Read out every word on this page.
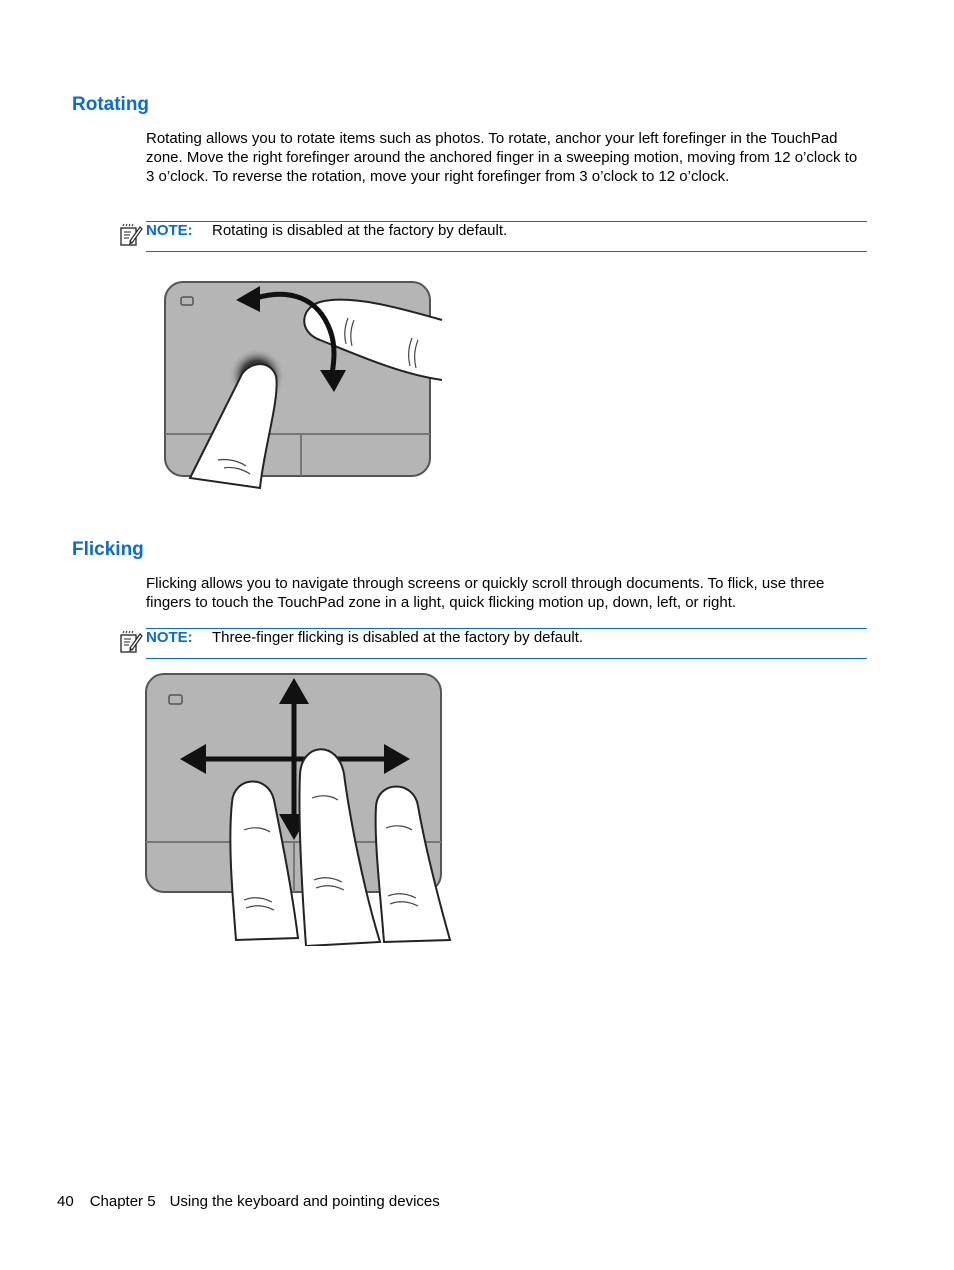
Rotating

Rotating allows you to rotate items such as photos. To rotate, anchor your left forefinger in the TouchPad zone. Move the right forefinger around the anchored finger in a sweeping motion, moving from 12 o’clock to 3 o’clock. To reverse the rotation, move your right forefinger from 3 o’clock to 12 o’clock.

NOTE: Rotating is disabled at the factory by default.
Flicking

Flicking allows you to navigate through screens or quickly scroll through documents. To flick, use three fingers to touch the TouchPad zone in a light, quick flicking motion up, down, left, or right.

NOTE: Three-finger flicking is disabled at the factory by default.
40 Chapter 5 Using the keyboard and pointing devices
